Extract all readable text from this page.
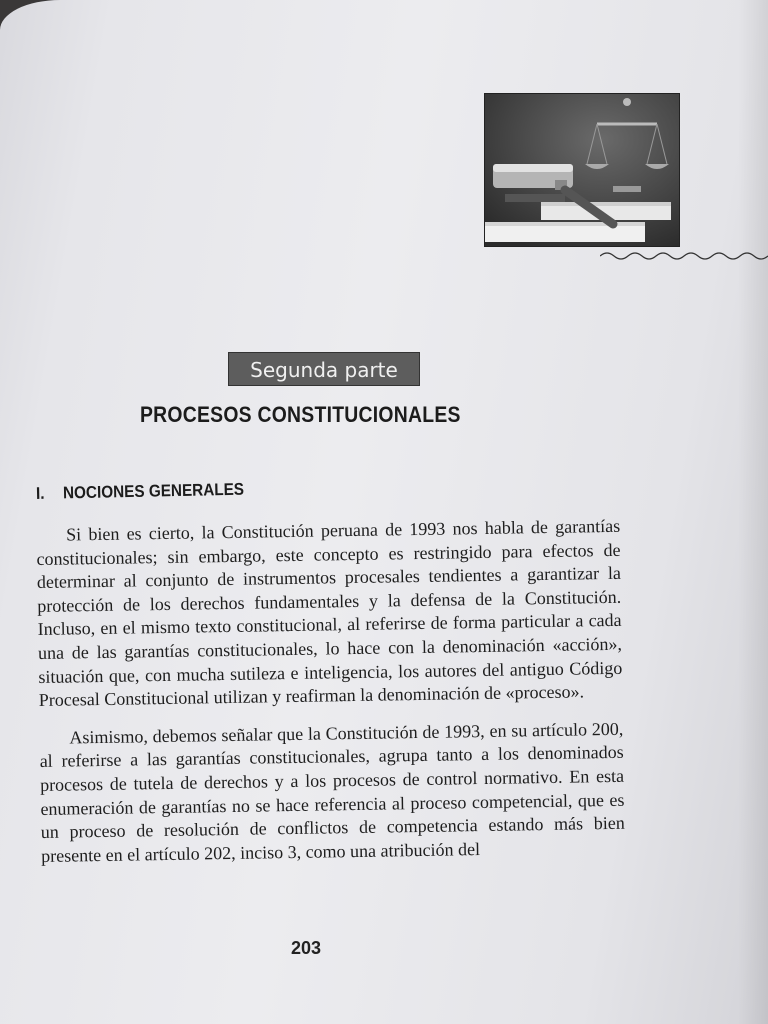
Segunda parte
PROCESOS CONSTITUCIONALES
I. NOCIONES GENERALES

Si bien es cierto, la Constitución peruana de 1993 nos habla de garantías constitucionales; sin embargo, este concepto es restringido para efectos de determinar al conjunto de instrumentos procesales tendientes a garantizar la protección de los derechos fundamentales y la defensa de la Constitución. Incluso, en el mismo texto constitucional, al referirse de forma particular a cada una de las garantías constitucionales, lo hace con la denominación «acción», situación que, con mucha sutileza e inteligencia, los autores del antiguo Código Procesal Constitucional utilizan y reafirman la denominación de «proceso».

Asimismo, debemos señalar que la Constitución de 1993, en su artículo 200, al referirse a las garantías constitucionales, agrupa tanto a los denominados procesos de tutela de derechos y a los procesos de control normativo. En esta enumeración de garantías no se hace referencia al proceso competencial, que es un proceso de resolución de conflictos de competencia estando más bien presente en el artículo 202, inciso 3, como una atribución del

203
